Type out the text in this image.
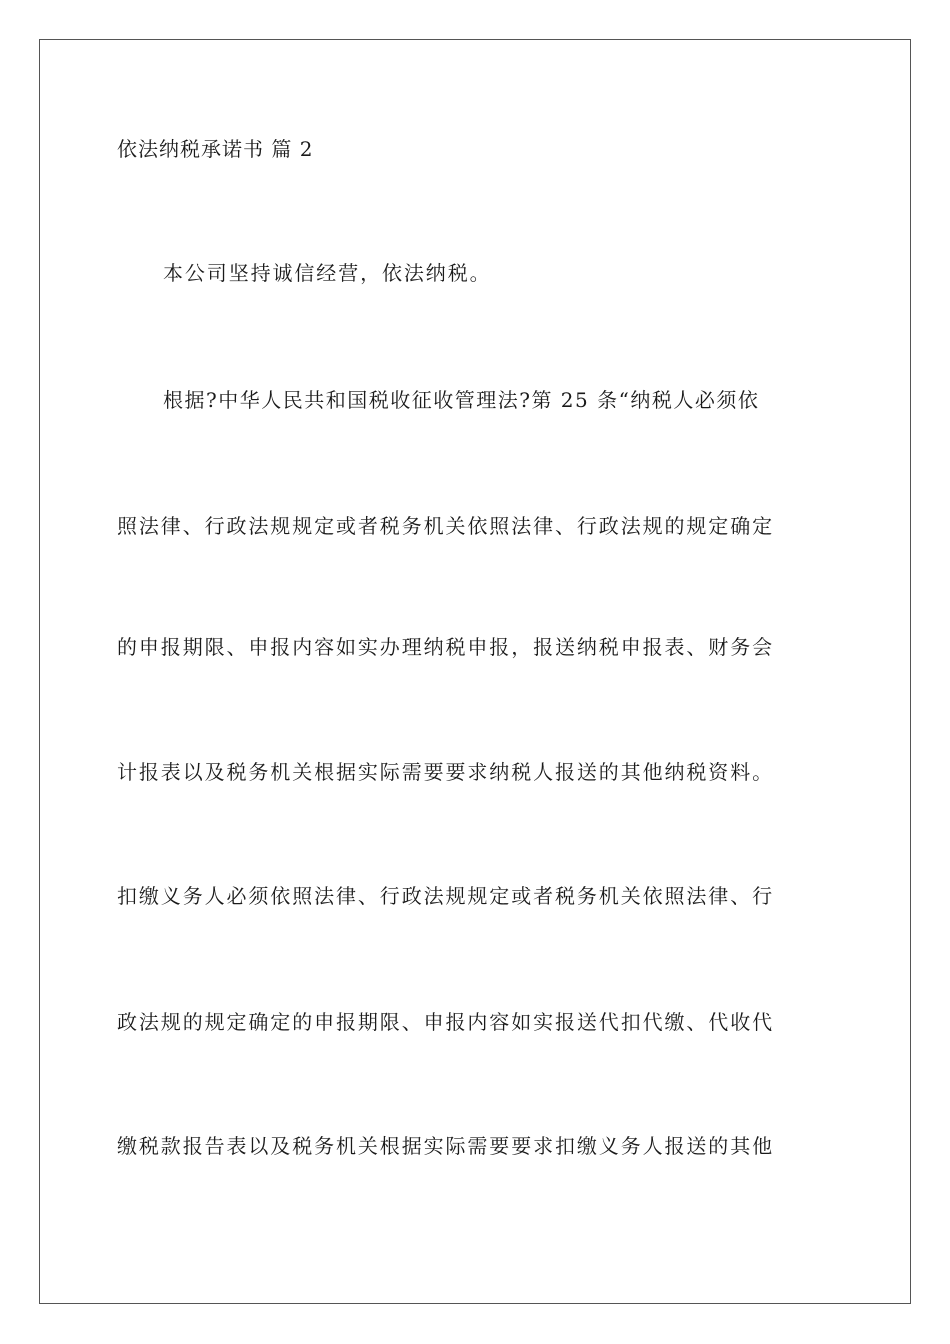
依法纳税承诺书 篇 2
本公司坚持诚信经营，依法纳税。
根据?中华人民共和国税收征收管理法?第 25 条“纳税人必须依
照法律、行政法规规定或者税务机关依照法律、行政法规的规定确定
的申报期限、申报内容如实办理纳税申报，报送纳税申报表、财务会
计报表以及税务机关根据实际需要要求纳税人报送的其他纳税资料。
扣缴义务人必须依照法律、行政法规规定或者税务机关依照法律、行
政法规的规定确定的申报期限、申报内容如实报送代扣代缴、代收代
缴税款报告表以及税务机关根据实际需要要求扣缴义务人报送的其他
